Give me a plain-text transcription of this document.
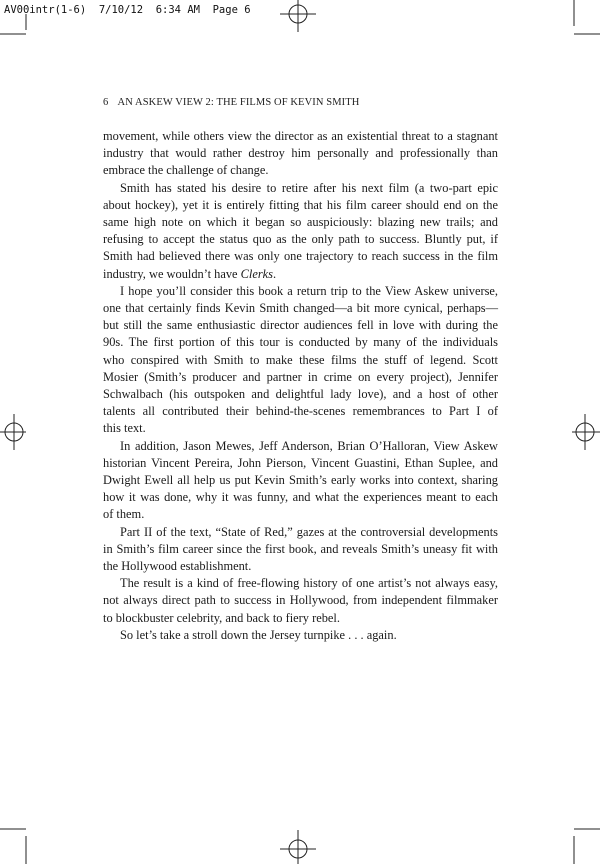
AV00intr(1-6)  7/10/12  6:34 AM  Page 6
6 AN ASKEW VIEW 2: THE FILMS OF KEVIN SMITH
movement, while others view the director as an existential threat to a stagnant
industry that would rather destroy him personally and professionally than
embrace the challenge of change.
Smith has stated his desire to retire after his next film (a two-part epic
about hockey), yet it is entirely fitting that his film career should end on the
same high note on which it began so auspiciously: blazing new trails; and
refusing to accept the status quo as the only path to success. Bluntly put, if
Smith had believed there was only one trajectory to reach success in the film
industry, we wouldn’t have Clerks.
I hope you’ll consider this book a return trip to the View Askew universe,
one that certainly finds Kevin Smith changed—a bit more cynical, perhaps—
but still the same enthusiastic director audiences fell in love with during the
90s. The first portion of this tour is conducted by many of the individuals
who conspired with Smith to make these films the stuff of legend. Scott
Mosier (Smith’s producer and partner in crime on every project), Jennifer
Schwalbach (his outspoken and delightful lady love), and a host of other
talents all contributed their behind-the-scenes remembrances to Part I of
this text.
In addition, Jason Mewes, Jeff Anderson, Brian O’Halloran, View Askew
historian Vincent Pereira, John Pierson, Vincent Guastini, Ethan Suplee, and
Dwight Ewell all help us put Kevin Smith’s early works into context, sharing
how it was done, why it was funny, and what the experiences meant to each
of them.
Part II of the text, “State of Red,” gazes at the controversial developments
in Smith’s film career since the first book, and reveals Smith’s uneasy fit with
the Hollywood establishment.
The result is a kind of free-flowing history of one artist’s not always easy,
not always direct path to success in Hollywood, from independent filmmaker
to blockbuster celebrity, and back to fiery rebel.
So let’s take a stroll down the Jersey turnpike . . . again.
